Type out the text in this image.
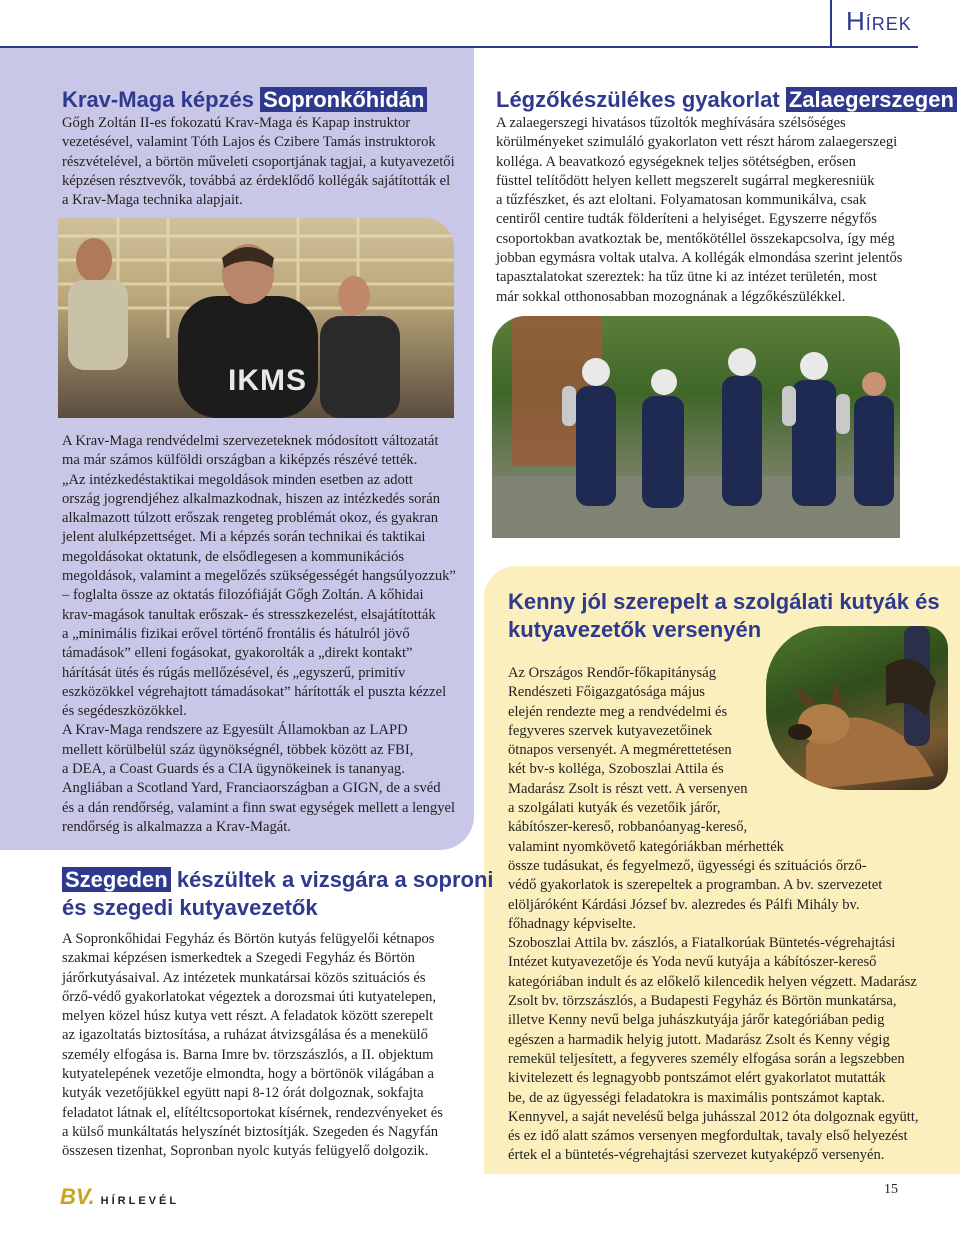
Hírek
Krav-Maga képzés Sopronkőhidán
Gőgh Zoltán II-es fokozatú Krav-Maga és Kapap instruktor
vezetésével, valamint Tóth Lajos és Czibere Tamás instruktorok
részvételével, a börtön műveleti csoportjának tagjai, a kutyavezetői
képzésen résztvevők, továbbá az érdeklődő kollégák sajátították el
a Krav-Maga technika alapjait.
IKMS
A Krav-Maga rendvédelmi szervezeteknek módosított változatát
ma már számos külföldi országban a kiképzés részévé tették.
„Az intézkedéstaktikai megoldások minden esetben az adott
ország jogrendjéhez alkalmazkodnak, hiszen az intézkedés során
alkalmazott túlzott erőszak rengeteg problémát okoz, és gyakran
jelent alulképzettséget. Mi a képzés során technikai és taktikai
megoldásokat oktatunk, de elsődlegesen a kommunikációs
megoldások, valamint a megelőzés szükségességét hangsúlyozzuk”
– foglalta össze az oktatás filozófiáját Gőgh Zoltán. A kőhidai
krav-magások tanultak erőszak- és stresszkezelést, elsajátították
a „minimális fizikai erővel történő frontális és hátulról jövő
támadások” elleni fogásokat, gyakorolták a „direkt kontakt”
hárítását ütés és rúgás mellőzésével, és „egyszerű, primitív
eszközökkel végrehajtott támadásokat” hárították el puszta kézzel
és segédeszközökkel.
A Krav-Maga rendszere az Egyesült Államokban az LAPD
mellett körülbelül száz ügynökségnél, többek között az FBI,
a DEA, a Coast Guards és a CIA ügynökeinek is tananyag.
Angliában a Scotland Yard, Franciaországban a GIGN, de a svéd
és a dán rendőrség, valamint a finn swat egységek mellett a lengyel
rendőrség is alkalmazza a Krav-Magát.
Légzőkészülékes gyakorlat Zalaegerszegen
A zalaegerszegi hivatásos tűzoltók meghívására szélsőséges
körülményeket szimuláló gyakorlaton vett részt három zalaegerszegi
kolléga. A beavatkozó egységeknek teljes sötétségben, erősen
füsttel telítődött helyen kellett megszerelt sugárral megkeresniük
a tűzfészket, és azt eloltani. Folyamatosan kommunikálva, csak
centiről centire tudták földeríteni a helyiséget. Egyszerre négyfős
csoportokban avatkoztak be, mentőkötéllel összekapcsolva, így még
jobban egymásra voltak utalva. A kollégák elmondása szerint jelentős
tapasztalatokat szereztek: ha tűz ütne ki az intézet területén, most
már sokkal otthonosabban mozognának a légzőkészülékkel.
Szegeden készültek a vizsgára a soproni
és szegedi kutyavezetők
A Sopronkőhidai Fegyház és Börtön kutyás felügyelői kétnapos
szakmai képzésen ismerkedtek a Szegedi Fegyház és Börtön
járőrkutyásaival. Az intézetek munkatársai közös szituációs és
őrző-védő gyakorlatokat végeztek a dorozsmai úti kutyatelepen,
melyen közel húsz kutya vett részt. A feladatok között szerepelt
az igazoltatás biztosítása, a ruházat átvizsgálása és a menekülő
személy elfogása is. Barna Imre bv. törzszászlós, a II. objektum
kutyatelepének vezetője elmondta, hogy a börtönök világában a
kutyák vezetőjükkel együtt napi 8-12 órát dolgoznak, sokfajta
feladatot látnak el, elítéltcsoportokat kísérnek, rendezvényeket és
a külső munkáltatás helyszínét biztosítják. Szegeden és Nagyfán
összesen tizenhat, Sopronban nyolc kutyás felügyelő dolgozik.
Kenny jól szerepelt a szolgálati kutyák és
kutyavezetők versenyén
Az Országos Rendőr-főkapitányság
Rendészeti Főigazgatósága május
elején rendezte meg a rendvédelmi és
fegyveres szervek kutyavezetőinek
ötnapos versenyét. A megmérettetésen
két bv-s kolléga, Szoboszlai Attila és
Madarász Zsolt is részt vett. A versenyen
a szolgálati kutyák és vezetőik járőr,
kábítószer-kereső, robbanóanyag-kereső,
valamint nyomkövető kategóriákban mérhették
össze tudásukat, és fegyelmező, ügyességi és szituációs őrző-
védő gyakorlatok is szerepeltek a programban. A bv. szervezetet
elöljáróként Kárdási József bv. alezredes és Pálfi Mihály bv.
főhadnagy képviselte.
Szoboszlai Attila bv. zászlós, a Fiatalkorúak Büntetés-végrehajtási
Intézet kutyavezetője és Yoda nevű kutyája a kábítószer-kereső
kategóriában indult és az előkelő kilencedik helyen végzett. Madarász
Zsolt bv. törzszászlós, a Budapesti Fegyház és Börtön munkatársa,
illetve Kenny nevű belga juhászkutyája járőr kategóriában pedig
egészen a harmadik helyig jutott. Madarász Zsolt és Kenny végig
remekül teljesített, a fegyveres személy elfogása során a legszebben
kivitelezett és legnagyobb pontszámot elért gyakorlatot mutatták
be, de az ügyességi feladatokra is maximális pontszámot kaptak.
Kennyvel, a saját nevelésű belga juhásszal 2012 óta dolgoznak együtt,
és ez idő alatt számos versenyen megfordultak, tavaly első helyezést
értek el a büntetés-végrehajtási szervezet kutyaképző versenyén.
BV. HÍRLEVÉL
15
